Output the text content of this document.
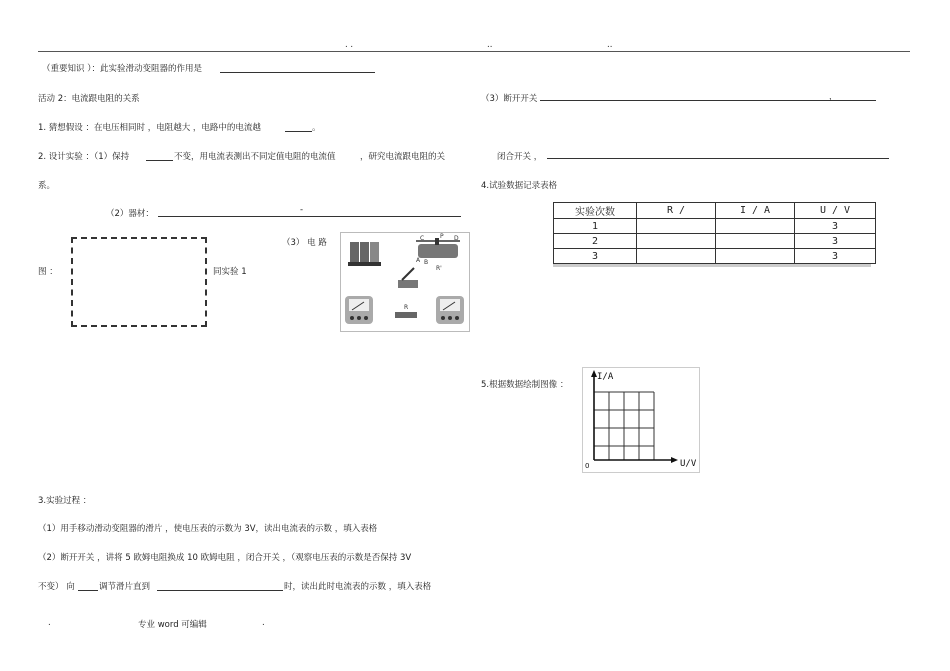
. .	..	..
（重要知识 ）：此实验滑动变阻器的作用是
活动 2：电流跟电阻的关系
1. 猜想假设 ：在电压相同时 ，电阻越大 ，电路中的电流越	。
2. 设计实验 ：（1）保持	不变，用电流表测出不同定值电阻的电流值	，研究电流跟电阻的关
系。
（2）器材：	-
（3） 电 路
图 ：	同实验 1
C	P D
A B
R'
R
3.实验过程 ：
（1）用手移动滑动变阻器的滑片 ，使电压表的示数为 3V，读出电流表的示数 ，填入表格
（2）断开开关 ，讲将 5 欧姆电阻换成 10 欧姆电阻 ，闭合开关 ，（观察电压表的示数是否保持 3V
不变） 向	调节滑片直到	时，读出此时电流表的示数 ，填入表格
（3）断开开关	，
闭合开关 ，
4.试验数据记录表格
实验次数	R /	I / A	U / V
1			3
2			3
3			3
5.根据数据绘制图像 ：
I/A
U/V
0
.	专业 word 可编辑	.
